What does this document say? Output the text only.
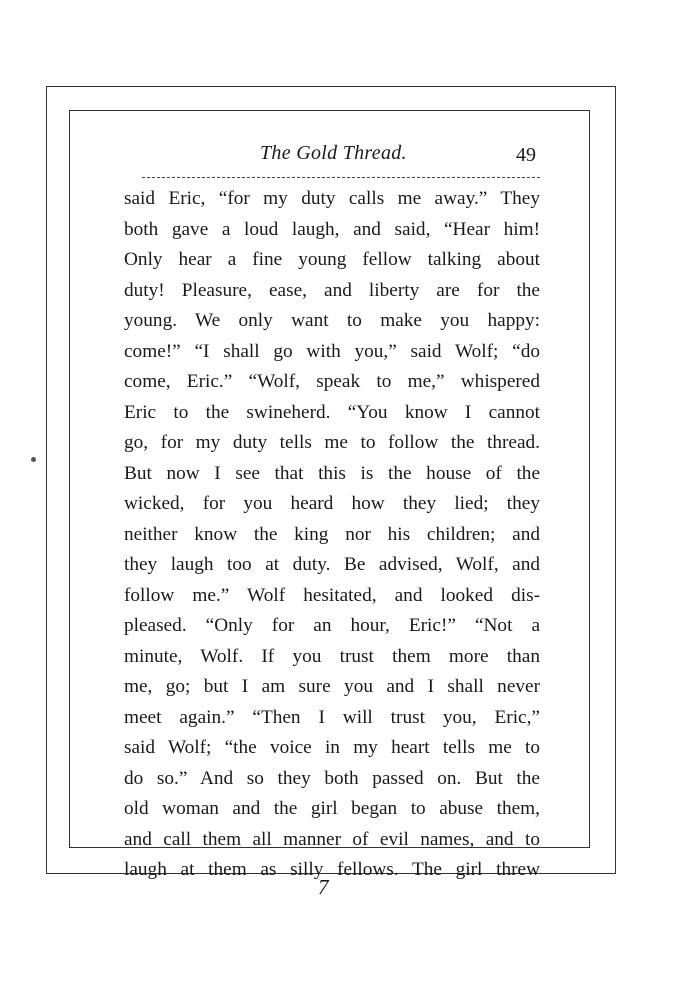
The Gold Thread.	49
said Eric, “for my duty calls me away.” They
both gave a loud laugh, and said, “Hear him!
Only hear a fine young fellow talking about
duty! Pleasure, ease, and liberty are for the
young. We only want to make you happy:
come!” “I shall go with you,” said Wolf; “do
come, Eric.” “Wolf, speak to me,” whispered
Eric to the swineherd. “You know I cannot
go, for my duty tells me to follow the thread.
But now I see that this is the house of the
wicked, for you heard how they lied; they
neither know the king nor his children; and
they laugh too at duty. Be advised, Wolf, and
follow me.” Wolf hesitated, and looked dis-
pleased. “Only for an hour, Eric!” “Not a
minute, Wolf. If you trust them more than
me, go; but I am sure you and I shall never
meet again.” “Then I will trust you, Eric,”
said Wolf; “the voice in my heart tells me to
do so.” And so they both passed on. But the
old woman and the girl began to abuse them,
and call them all manner of evil names, and to
laugh at them as silly fellows. The girl threw
7
